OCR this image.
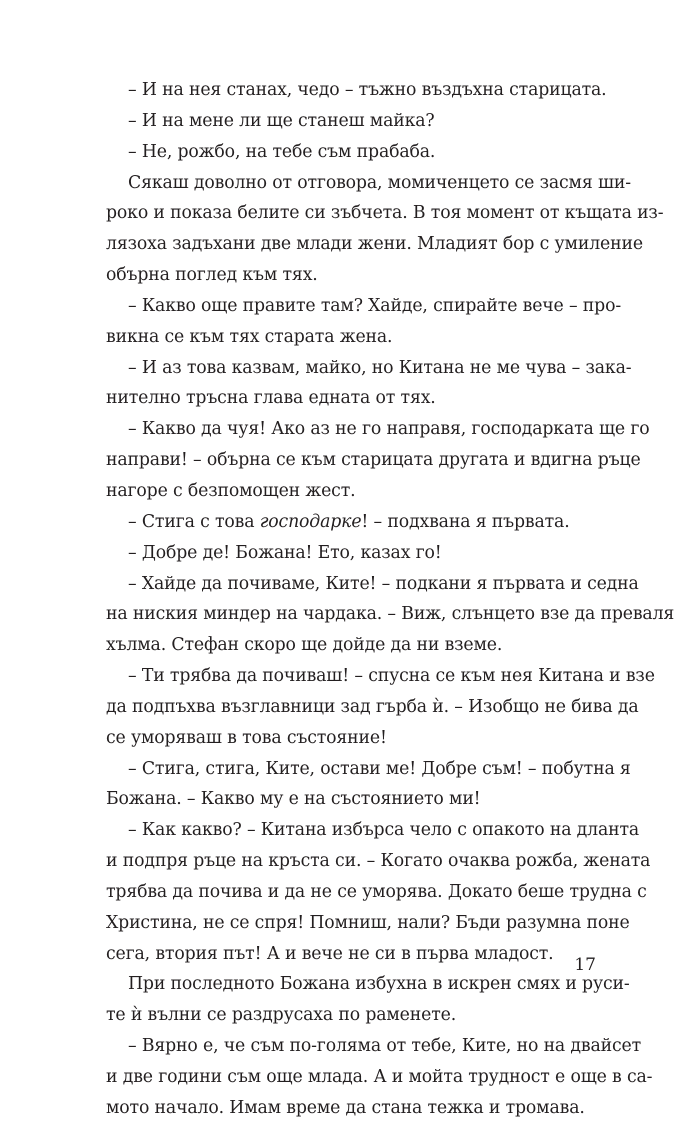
– И на нея станах, чедо – тъжно въздъхна старицата.
– И на мене ли ще станеш майка?
– Не, рожбо, на тебе съм прабаба.
Сякаш доволно от отговора, момиченцето се засмя ши-
роко и показа белите си зъбчета. В тоя момент от къщата из-
лязоха задъхани две млади жени. Младият бор с умиление
обърна поглед към тях.
– Какво още правите там? Хайде, спирайте вече – про-
викна се към тях старата жена.
– И аз това казвам, майко, но Китана не ме чува – зака-
нително тръсна глава едната от тях.
– Какво да чуя! Ако аз не го направя, господарката ще го
направи! – обърна се към старицата другата и вдигна ръце
нагоре с безпомощен жест.
– Стига с това господарке! – подхвана я първата.
– Добре де! Божана! Ето, казах го!
– Хайде да почиваме, Ките! – подкани я първата и седна
на ниския миндер на чардака. – Виж, слънцето взе да преваля
хълма. Стефан скоро ще дойде да ни вземе.
– Ти трябва да почиваш! – спусна се към нея Китана и взе
да подпъхва възглавници зад гърба ѝ. – Изобщо не бива да
се уморяваш в това състояние!
– Стига, стига, Ките, остави ме! Добре съм! – побутна я
Божана. – Какво му е на състоянието ми!
– Как какво? – Китана избърса чело с опакото на дланта
и подпря ръце на кръста си. – Когато очаква рожба, жената
трябва да почива и да не се уморява. Докато беше трудна с
Христина, не се спря! Помниш, нали? Бъди разумна поне
сега, втория път! А и вече не си в първа младост.
При последното Божана избухна в искрен смях и руси-
те ѝ вълни се раздрусаха по раменете.
– Вярно е, че съм по-голяма от тебе, Ките, но на двайсет
и две години съм още млада. А и мойта трудност е още в са-
мото начало. Имам време да стана тежка и тромава.
17
